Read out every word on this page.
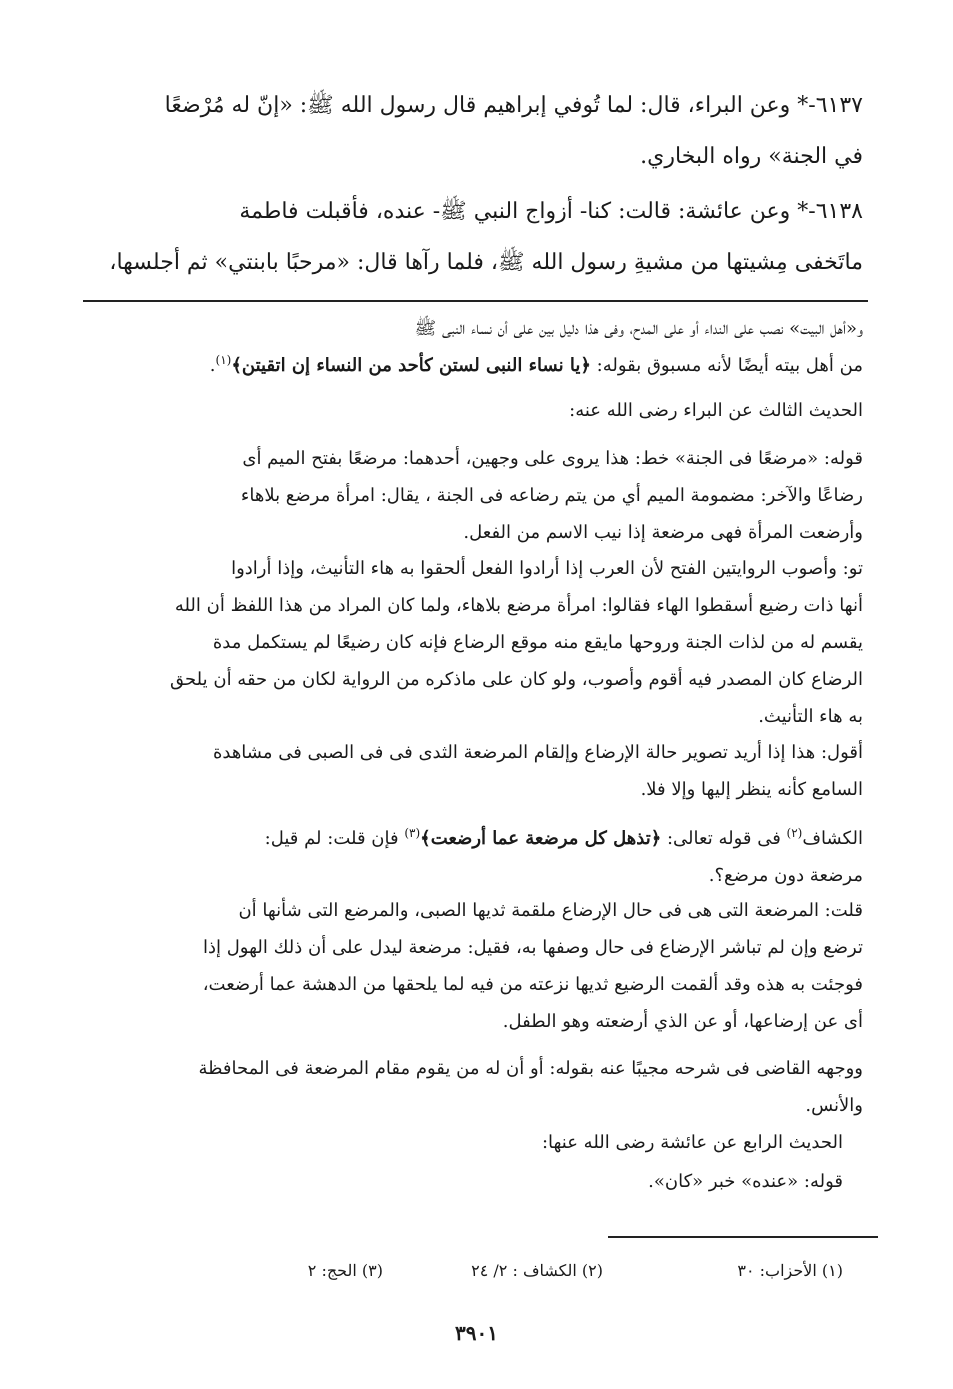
٦١٣٧-* وعن البراء، قال: لما تُوفي إبراهيم قال رسول الله ﷺ: «إنّ له مُرْضعًا
في الجنة» رواه البخاري.

٦١٣٨-* وعن عائشة: قالت: كنا- أزواج النبي ﷺ- عنده، فأقبلت فاطمة
ماتَخفى مِشيتها من مشيةِ رسول الله ﷺ، فلما رآها قال: «مرحبًا بابنتي» ثم أجلسها،

و«أهل البيت» نصب على النداء أو على المدح، وفى هذا دليل بين على أن نساء النبى ﷺ
من أهل بيته أيضًا لأنه مسبوق بقوله: ﴿يا نساء النبى لستن كأحد من النساء إن اتقيتن﴾$^{(١)}$.

الحديث الثالث عن البراء رضى الله عنه:

قوله: «مرضعًا فى الجنة» خط: هذا يروى على وجهين، أحدهما: مرضعًا بفتح الميم أى
رضاعًا والآخر: مضمومة الميم أي من يتم رضاعه فى الجنة ، يقال: امرأة مرضع بلاهاء
وأرضعت المرأة فهى مرضعة إذا نيب الاسم من الفعل.

تو: وأصوب الروايتين الفتح لأن العرب إذا أرادوا الفعل ألحقوا به هاء التأنيث، وإذا أرادوا
أنها ذات رضيع أسقطوا الهاء فقالوا: امرأة مرضع بلاهاء، ولما كان المراد من هذا اللفظ أن الله
يقسم له من لذات الجنة وروحها مايقع منه موقع الرضاع فإنه كان رضيعًا لم يستكمل مدة
الرضاع كان المصدر فيه أقوم وأصوب، ولو كان على ماذكره من الرواية لكان من حقه أن يلحق
به هاء التأنيث.

أقول: هذا إذا أريد تصوير حالة الإرضاع وإلقام المرضعة الثدى فى فى الصبى فى مشاهدة
السامع كأنه ينظر إليها وإلا فلا.

الكشاف$^{(٢)}$ فى قوله تعالى: ﴿تذهل كل مرضعة عما أرضعت﴾$^{(٣)}$ فإن قلت: لم قيل:
مرضعة دون مرضع؟.

قلت: المرضعة التى هى فى حال الإرضاع ملقمة ثديها الصبى، والمرضع التى شأنها أن
ترضع وإن لم تباشر الإرضاع فى حال وصفها به، فقيل: مرضعة ليدل على أن ذلك الهول إذا
فوجئت به هذه وقد ألقمت الرضيع ثديها نزعته من فيه لما يلحقها من الدهشة عما أرضعت،
أى عن إرضاعها، أو عن الذي أرضعته وهو الطفل.

ووجهه القاضى فى شرحه مجيبًا عنه بقوله: أو أن له من يقوم مقام المرضعة فى المحافظة
والأنس.

الحديث الرابع عن عائشة رضى الله عنها:

قوله: «عنده» خبر «كان».

(١) الأحزاب: ٣٠
(٢) الكشاف : ٢/ ٢٤
(٣) الحج: ٢
٣٩٠١
